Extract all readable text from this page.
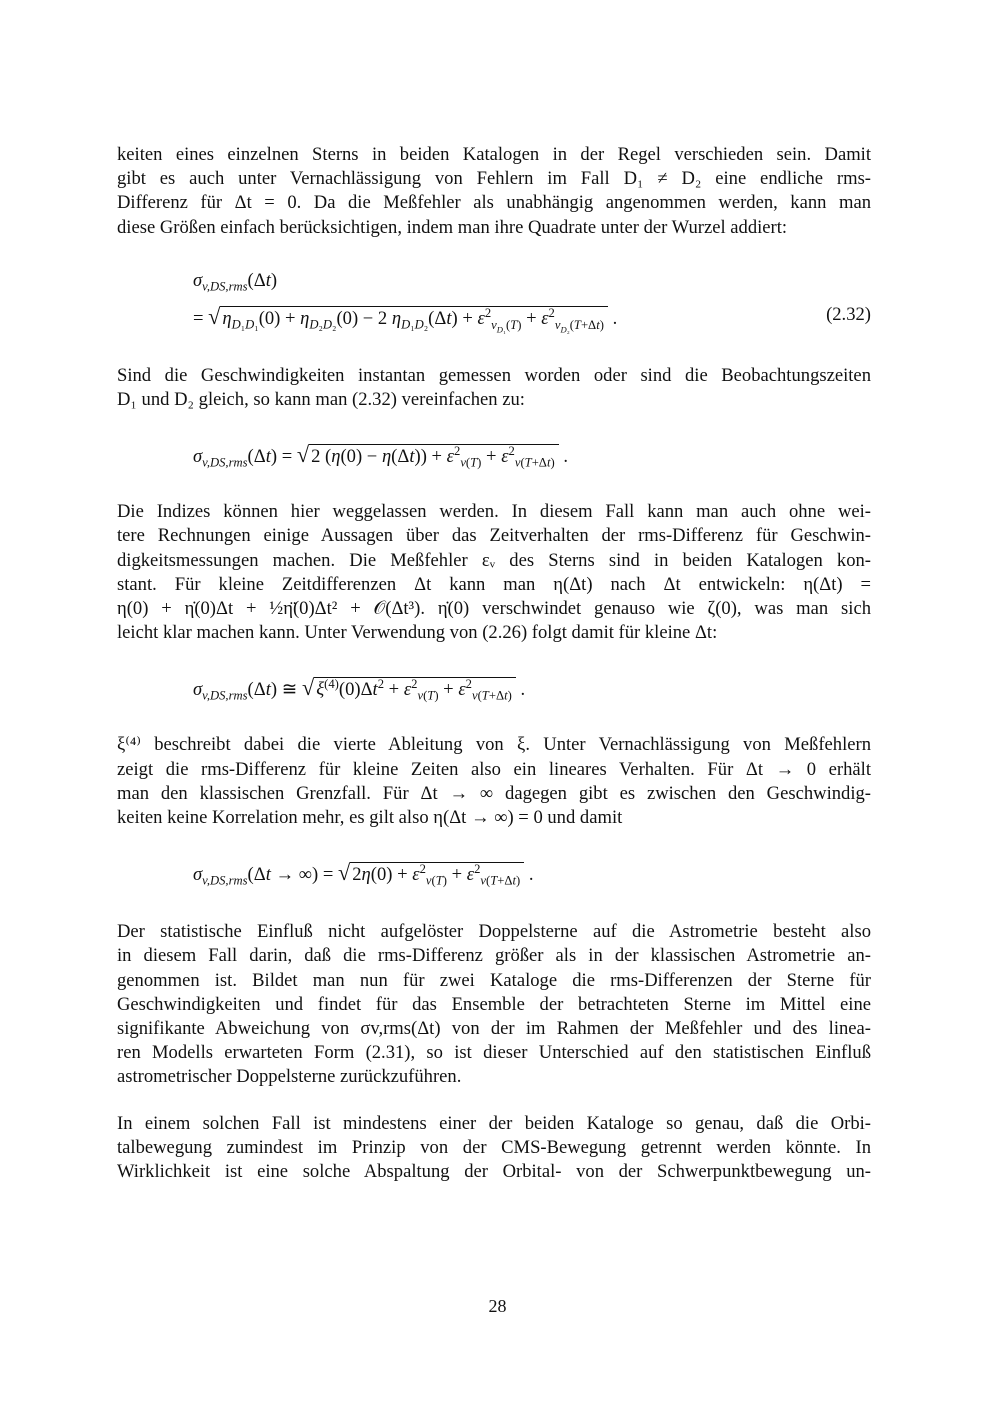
keiten eines einzelnen Sterns in beiden Katalogen in der Regel verschieden sein. Damit
gibt es auch unter Vernachlässigung von Fehlern im Fall D₁ ≠ D₂ eine endliche rms-
Differenz für Δt = 0. Da die Meßfehler als unabhängig angenommen werden, kann man
diese Größen einfach berücksichtigen, indem man ihre Quadrate unter der Wurzel addiert:

$\sigma_{v,DS,rms}(\Delta t)$
= √ $\eta_{D_1D_1}(0) + \eta_{D_2D_2}(0) - 2$ $\eta_{D_1D_2}(\Delta t) + \varepsilon^2_{v_{D_1}(T)} + \varepsilon^2_{v_{D_2}(T+\Delta t)}$ .	(2.32)

Sind die Geschwindigkeiten instantan gemessen worden oder sind die Beobachtungszeiten
D₁ und D₂ gleich, so kann man (2.32) vereinfachen zu:

$\sigma_{v,DS,rms}(\Delta t)$ = √ 2 $(\eta(0) - \eta(\Delta t)) + \varepsilon^2_{v(T)} + \varepsilon^2_{v(T+\Delta t)}$ .

Die Indizes können hier weggelassen werden. In diesem Fall kann man auch ohne wei-
tere Rechnungen einige Aussagen über das Zeitverhalten der rms-Differenz für Geschwin-
digkeitsmessungen machen. Die Meßfehler εᵥ des Sterns sind in beiden Katalogen kon-
stant. Für kleine Zeitdifferenzen Δt kann man η(Δt) nach Δt entwickeln: η(Δt) =
η(0) + η̇(0)Δt + ½η̈(0)Δt² + 𝒪(Δt³). η̇(0) verschwindet genauso wie ζ(0), was man sich
leicht klar machen kann. Unter Verwendung von (2.26) folgt damit für kleine Δt:

$\sigma_{v,DS,rms}(\Delta t)$ ≅ √ $\xi^{(4)}(0)\Delta t^2 + \varepsilon^2_{v(T)} + \varepsilon^2_{v(T+\Delta t)}$ .

ξ⁽⁴⁾ beschreibt dabei die vierte Ableitung von ξ. Unter Vernachlässigung von Meßfehlern
zeigt die rms-Differenz für kleine Zeiten also ein lineares Verhalten. Für Δt → 0 erhält
man den klassischen Grenzfall. Für Δt → ∞ dagegen gibt es zwischen den Geschwindig-
keiten keine Korrelation mehr, es gilt also η(Δt → ∞) = 0 und damit

$\sigma_{v,DS,rms}(\Delta t$ → ∞) = √ $2\eta(0) + \varepsilon^2_{v(T)} + \varepsilon^2_{v(T+\Delta t)}$ .

Der statistische Einfluß nicht aufgelöster Doppelsterne auf die Astrometrie besteht also
in diesem Fall darin, daß die rms-Differenz größer als in der klassischen Astrometrie an-
genommen ist. Bildet man nun für zwei Kataloge die rms-Differenzen der Sterne für
Geschwindigkeiten und findet für das Ensemble der betrachteten Sterne im Mittel eine
signifikante Abweichung von σv,rms(Δt) von der im Rahmen der Meßfehler und des linea-
ren Modells erwarteten Form (2.31), so ist dieser Unterschied auf den statistischen Einfluß
astrometrischer Doppelsterne zurückzuführen.

In einem solchen Fall ist mindestens einer der beiden Kataloge so genau, daß die Orbi-
talbewegung zumindest im Prinzip von der CMS-Bewegung getrennt werden könnte. In
Wirklichkeit ist eine solche Abspaltung der Orbital- von der Schwerpunktbewegung un-

28
